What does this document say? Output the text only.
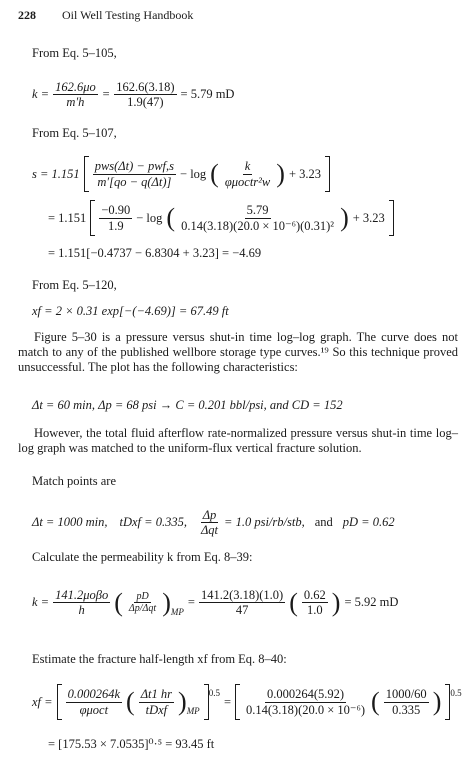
228 Oil Well Testing Handbook
From Eq. 5–105,
$k = \frac{162.6\mu o}{m'h} = \frac{162.6(3.18)}{1.9(47)} = 5.79$ mD
From Eq. 5–107,
$s = 1.151 \frac{\text{pws(Δt) − pwf,s}}{m'[qo - q(\Delta t)]} - \log$ ( $\frac{k}{\text{φμoctr²w}}$ ) + 3.23
= $1.151 \frac{-0.90}{1.9} - \log$ ( $\frac{5.79}{\text{0.14(3.18)(20.0 × 10⁻⁶)(0.31)²}}$ ) + 3.23
= 1.151[−0.4737 − 6.8304 + 3.23] = −4.69
From Eq. 5–120,
xf = 2 × 0.31 exp[−(−4.69)] = 67.49 ft
Figure 5–30 is a pressure versus shut-in time log–log graph. The curve does not match to any of the published wellbore storage type curves.¹⁹ So this technique proved unsuccessful. The plot has the following characteristics:
Δt = 60 min, Δp = 68 psi → C = 0.201 bbl/psi, and CD = 152
However, the total fluid afterflow rate-normalized pressure versus shut-in time log–log graph was matched to the uniform-flux vertical fracture solution.
Match points are
Δt = 1000 min, tDxf = 0.335, $\frac{\Delta p}{\text{Δqt}} = 1.0$ psi/rb/stb, and pD = 0.62
Calculate the permeability k from Eq. 8–39:
$k = \frac{\text{141.2μoβo}}{h}$ ( $\frac{pD}{\text{Δp/Δqt}}$ ) MP
= $\frac{141.2(3.18)(1.0)}{47}$ ( $\frac{0.62}{1.0}$ ) = 5.92 mD
Estimate the fracture half-length xf from Eq. 8–40:
xf = $\frac{0.000264k}{\text{φμoct}}$ ( $\frac{\Delta t1 hr}{\text{tDxf}}$ ) MP
0.5
= $\frac{0.000264(5.92)}{\text{0.14(3.18)(20.0 × 10⁻⁶)}}$ ( $\frac{1000/60}{0.335}$ ) 0.5
= [175.53 × 7.0535]⁰·⁵ = 93.45 ft
